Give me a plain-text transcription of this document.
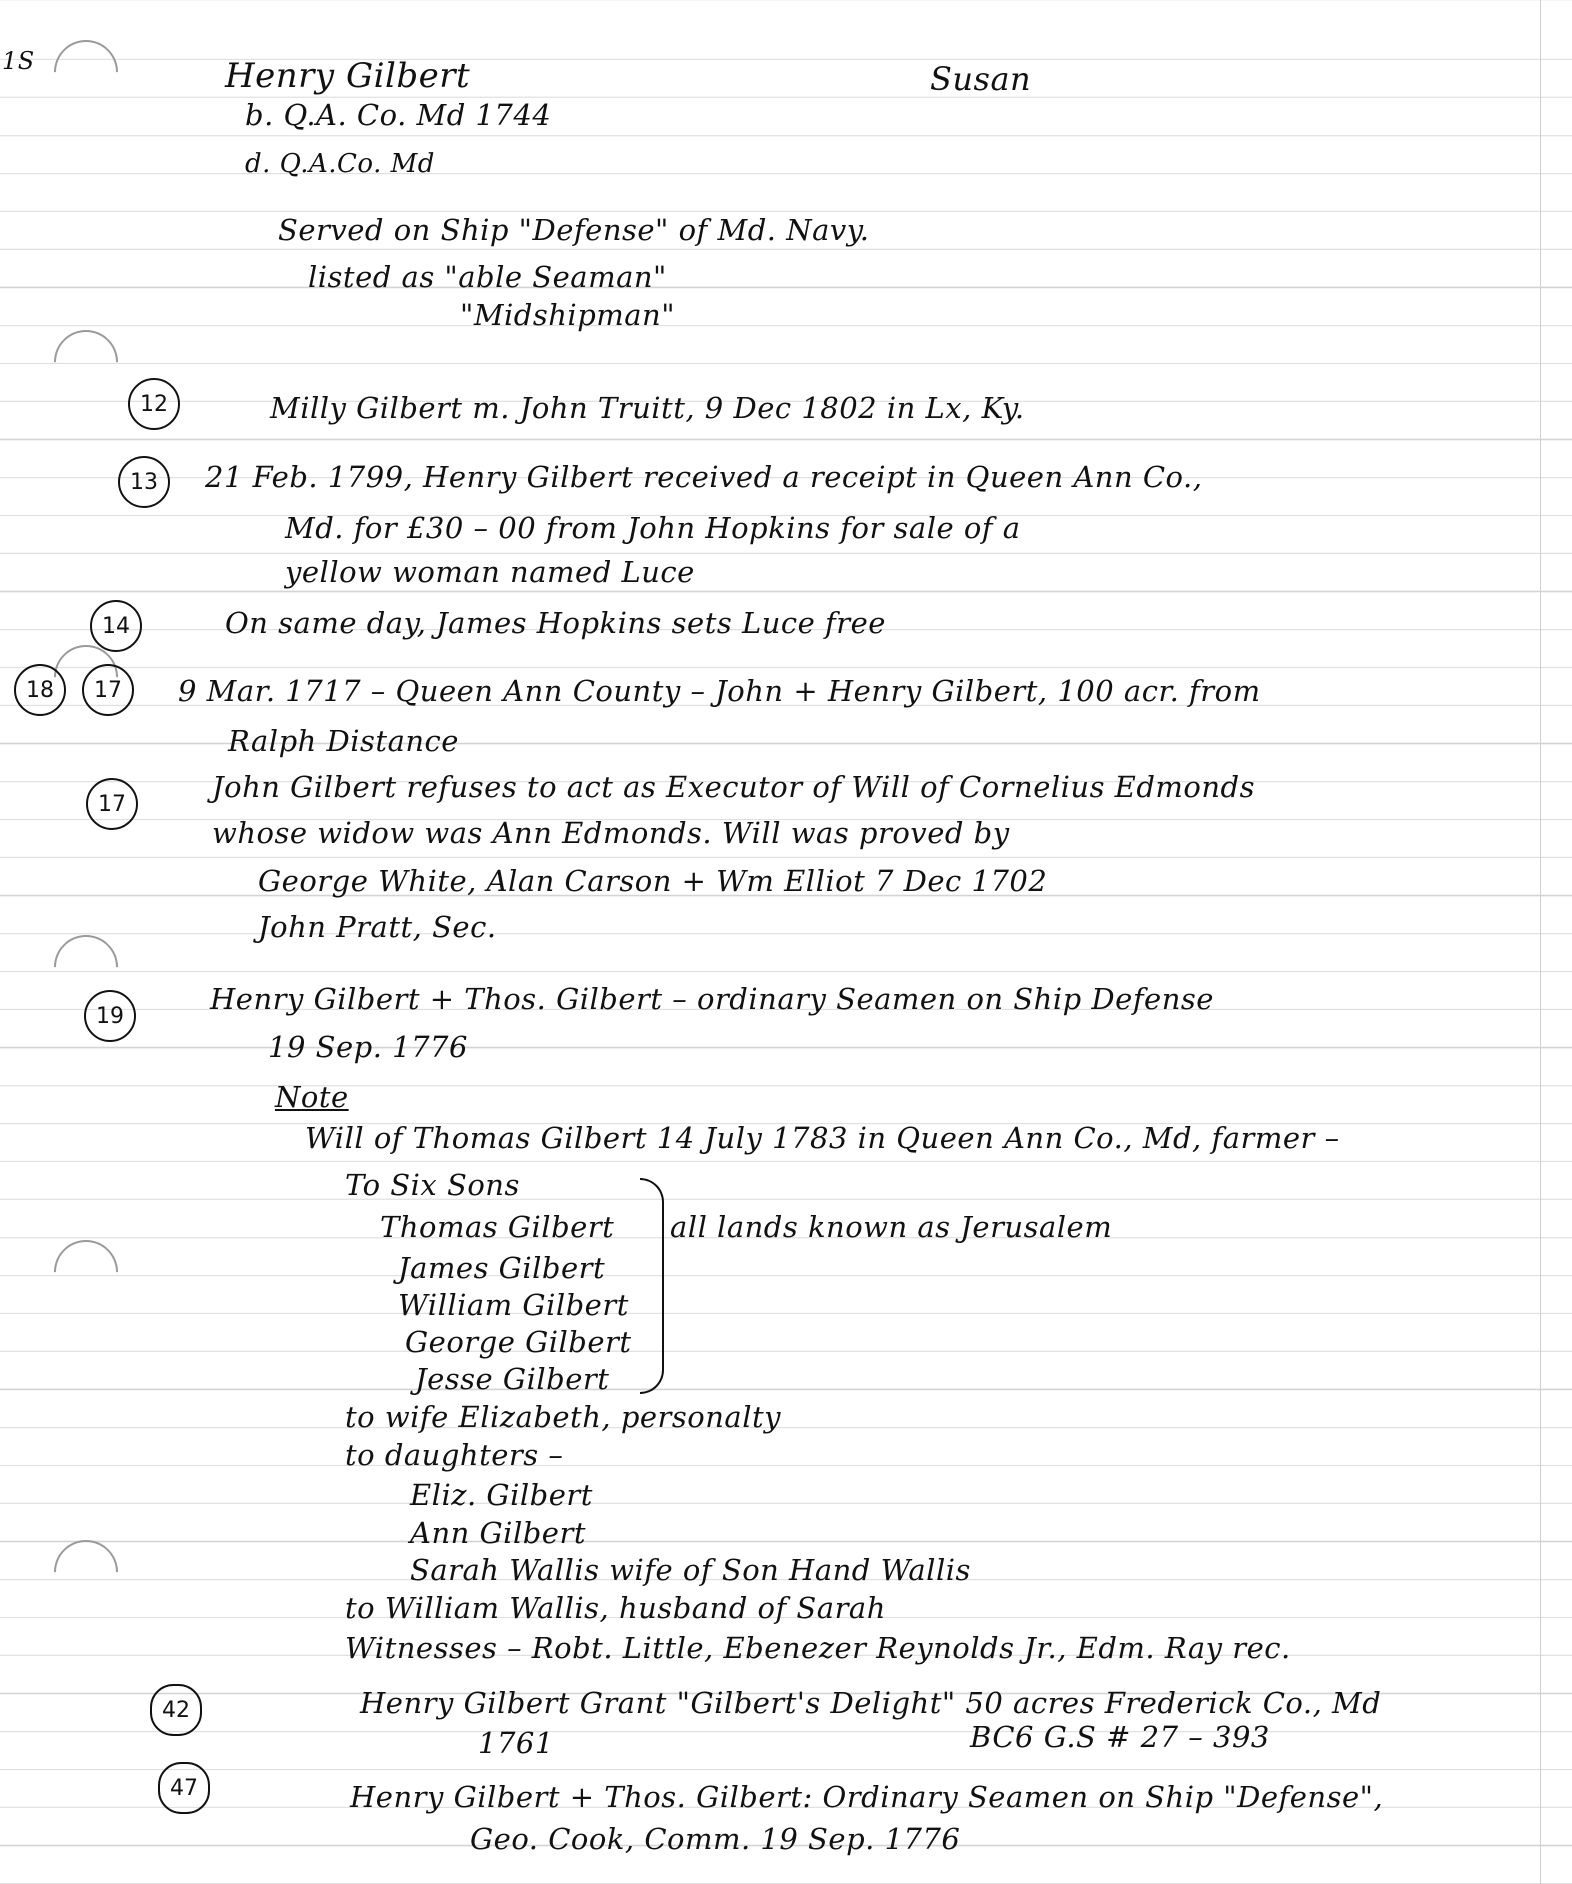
1S	Henry Gilbert	Susan
b. Q.A. Co. Md 1744
d. Q.A.Co. Md
Served on Ship "Defense" of Md. Navy.
listed as "able Seaman"
"Midshipman"
12	Milly Gilbert m. John Truitt, 9 Dec 1802 in Lx, Ky.
13	21 Feb. 1799, Henry Gilbert received a receipt in Queen Ann Co.,
Md. for £30 – 00 from John Hopkins for sale of a
yellow woman named Luce
14	On same day, James Hopkins sets Luce free
18	17	9 Mar. 1717 – Queen Ann County – John + Henry Gilbert, 100 acr. from
Ralph Distance
17	John Gilbert refuses to act as Executor of Will of Cornelius Edmonds
whose widow was Ann Edmonds. Will was proved by
George White, Alan Carson + Wm Elliot 7 Dec 1702
John Pratt, Sec.
19	Henry Gilbert + Thos. Gilbert – ordinary Seamen on Ship Defense
19 Sep. 1776
Note
Will of Thomas Gilbert 14 July 1783 in Queen Ann Co., Md, farmer –
To Six Sons
Thomas Gilbert
James Gilbert
William Gilbert
George Gilbert
Jesse Gilbert
all lands known as Jerusalem
to wife Elizabeth, personalty
to daughters –
Eliz. Gilbert
Ann Gilbert
Sarah Wallis wife of Son Hand Wallis
to William Wallis, husband of Sarah
Witnesses – Robt. Little, Ebenezer Reynolds Jr., Edm. Ray rec.
42	Henry Gilbert Grant "Gilbert's Delight" 50 acres Frederick Co., Md
1761	BC6 G.S # 27 – 393
47	Henry Gilbert + Thos. Gilbert: Ordinary Seamen on Ship "Defense",
Geo. Cook, Comm. 19 Sep. 1776
